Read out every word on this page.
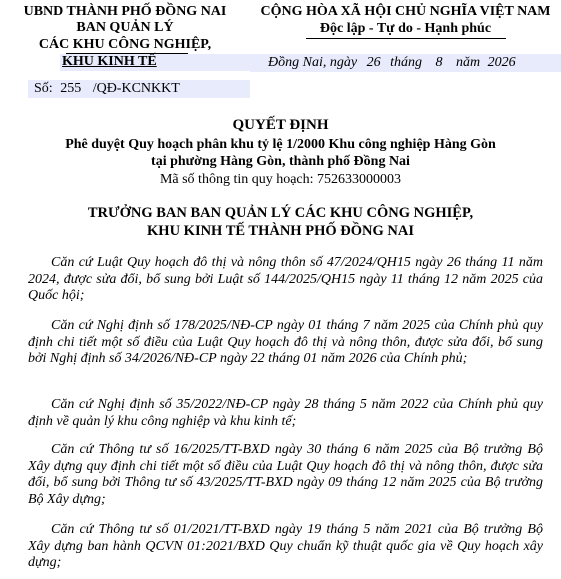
UBND THÀNH PHỐ ĐỒNG NAI
BAN QUẢN LÝ
CÁC KHU CÔNG NGHIỆP,
KHU KINH TẾ
CỘNG HÒA XÃ HỘI CHỦ NGHĨA VIỆT NAM
Độc lập - Tự do - Hạnh phúc
Đồng Nai, ngày 26 tháng 8 năm 2026
Số: 255 /QĐ-KCNKKT
QUYẾT ĐỊNH
Phê duyệt Quy hoạch phân khu tỷ lệ 1/2000 Khu công nghiệp Hàng Gòn
tại phường Hàng Gòn, thành phố Đồng Nai
Mã số thông tin quy hoạch: 752633000003
TRƯỞNG BAN BAN QUẢN LÝ CÁC KHU CÔNG NGHIỆP,
KHU KINH TẾ THÀNH PHỐ ĐỒNG NAI
Căn cứ Luật Quy hoạch đô thị và nông thôn số 47/2024/QH15 ngày 26 tháng 11 năm 2024, được sửa đổi, bổ sung bởi Luật số 144/2025/QH15 ngày 11 tháng 12 năm 2025 của Quốc hội;
Căn cứ Nghị định số 178/2025/NĐ-CP ngày 01 tháng 7 năm 2025 của Chính phủ quy định chi tiết một số điều của Luật Quy hoạch đô thị và nông thôn, được sửa đổi, bổ sung bởi Nghị định số 34/2026/NĐ-CP ngày 22 tháng 01 năm 2026 của Chính phủ;
Căn cứ Nghị định số 35/2022/NĐ-CP ngày 28 tháng 5 năm 2022 của Chính phủ quy định về quản lý khu công nghiệp và khu kinh tế;
Căn cứ Thông tư số 16/2025/TT-BXD ngày 30 tháng 6 năm 2025 của Bộ trưởng Bộ Xây dựng quy định chi tiết một số điều của Luật Quy hoạch đô thị và nông thôn, được sửa đổi, bổ sung bởi Thông tư số 43/2025/TT-BXD ngày 09 tháng 12 năm 2025 của Bộ trưởng Bộ Xây dựng;
Căn cứ Thông tư số 01/2021/TT-BXD ngày 19 tháng 5 năm 2021 của Bộ trưởng Bộ Xây dựng ban hành QCVN 01:2021/BXD Quy chuẩn kỹ thuật quốc gia về Quy hoạch xây dựng;
